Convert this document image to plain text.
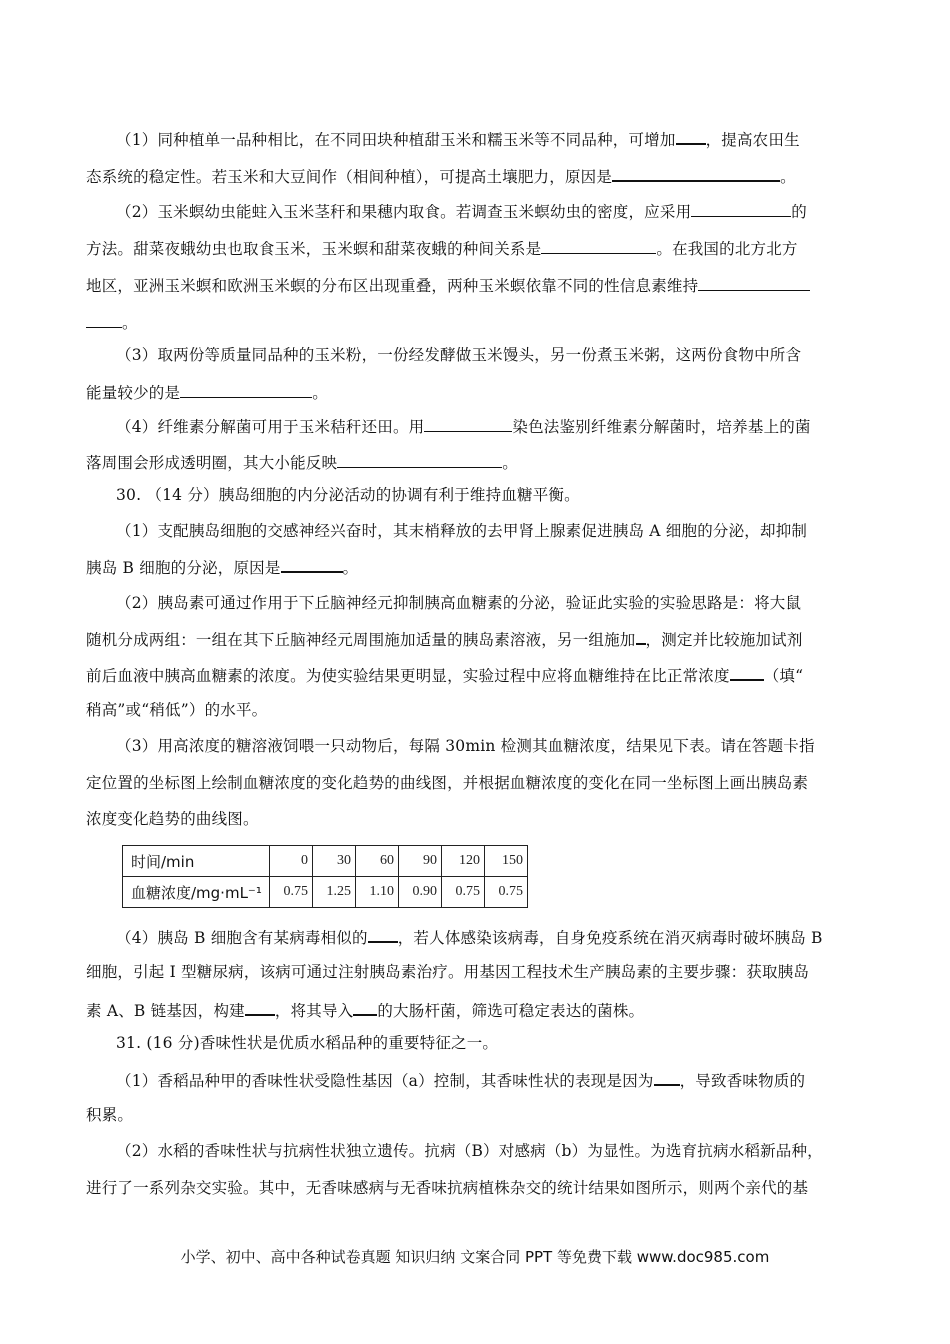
（1）同种植单一品种相比，在不同田块种植甜玉米和糯玉米等不同品种，可增加 ，提高农田生
态系统的稳定性。若玉米和大豆间作（相间种植），可提高土壤肥力，原因是	。
（2）玉米螟幼虫能蛀入玉米茎秆和果穗内取食。若调查玉米螟幼虫的密度，应采用	的
方法。甜菜夜蛾幼虫也取食玉米，玉米螟和甜菜夜蛾的种间关系是	。在我国的北方北方
地区，亚洲玉米螟和欧洲玉米螟的分布区出现重叠，两种玉米螟依靠不同的性信息素维持
。
（3）取两份等质量同品种的玉米粉，一份经发酵做玉米馒头，另一份煮玉米粥，这两份食物中所含
能量较少的是	。
（4）纤维素分解菌可用于玉米秸秆还田。用	染色法鉴别纤维素分解菌时，培养基上的菌
落周围会形成透明圈，其大小能反映	。
30. （14 分）胰岛细胞的内分泌活动的协调有利于维持血糖平衡。
（1）支配胰岛细胞的交感神经兴奋时，其末梢释放的去甲肾上腺素促进胰岛 A 细胞的分泌，却抑制
胰岛 B 细胞的分泌，原因是	。
（2）胰岛素可通过作用于下丘脑神经元抑制胰高血糖素的分泌，验证此实验的实验思路是：将大鼠
随机分成两组：一组在其下丘脑神经元周围施加适量的胰岛素溶液，另一组施加 ，测定并比较施加试剂
前后血液中胰高血糖素的浓度。为使实验结果更明显，实验过程中应将血糖维持在比正常浓度 （填“
稍高”或“稍低”）的水平。
（3）用高浓度的糖溶液饲喂一只动物后，每隔 30min 检测其血糖浓度，结果见下表。请在答题卡指
定位置的坐标图上绘制血糖浓度的变化趋势的曲线图，并根据血糖浓度的变化在同一坐标图上画出胰岛素
浓度变化趋势的曲线图。
时间/min	0	30	60	90	120	150
血糖浓度/mg·mL⁻¹	0.75	1.25	1.10	0.90	0.75	0.75
（4）胰岛 B 细胞含有某病毒相似的 ，若人体感染该病毒，自身免疫系统在消灭病毒时破坏胰岛 B
细胞，引起 I 型糖尿病，该病可通过注射胰岛素治疗。用基因工程技术生产胰岛素的主要步骤：获取胰岛
素 A、B 链基因，构建 ，将其导入 的大肠杆菌，筛选可稳定表达的菌株。
31. (16 分)香味性状是优质水稻品种的重要特征之一。
（1）香稻品种甲的香味性状受隐性基因（a）控制，其香味性状的表现是因为 ，导致香味物质的
积累。
（2）水稻的香味性状与抗病性状独立遗传。抗病（B）对感病（b）为显性。为选育抗病水稻新品种，
进行了一系列杂交实验。其中，无香味感病与无香味抗病植株杂交的统计结果如图所示，则两个亲代的基
小学、初中、高中各种试卷真题 知识归纳 文案合同 PPT 等免费下载 www.doc985.com
